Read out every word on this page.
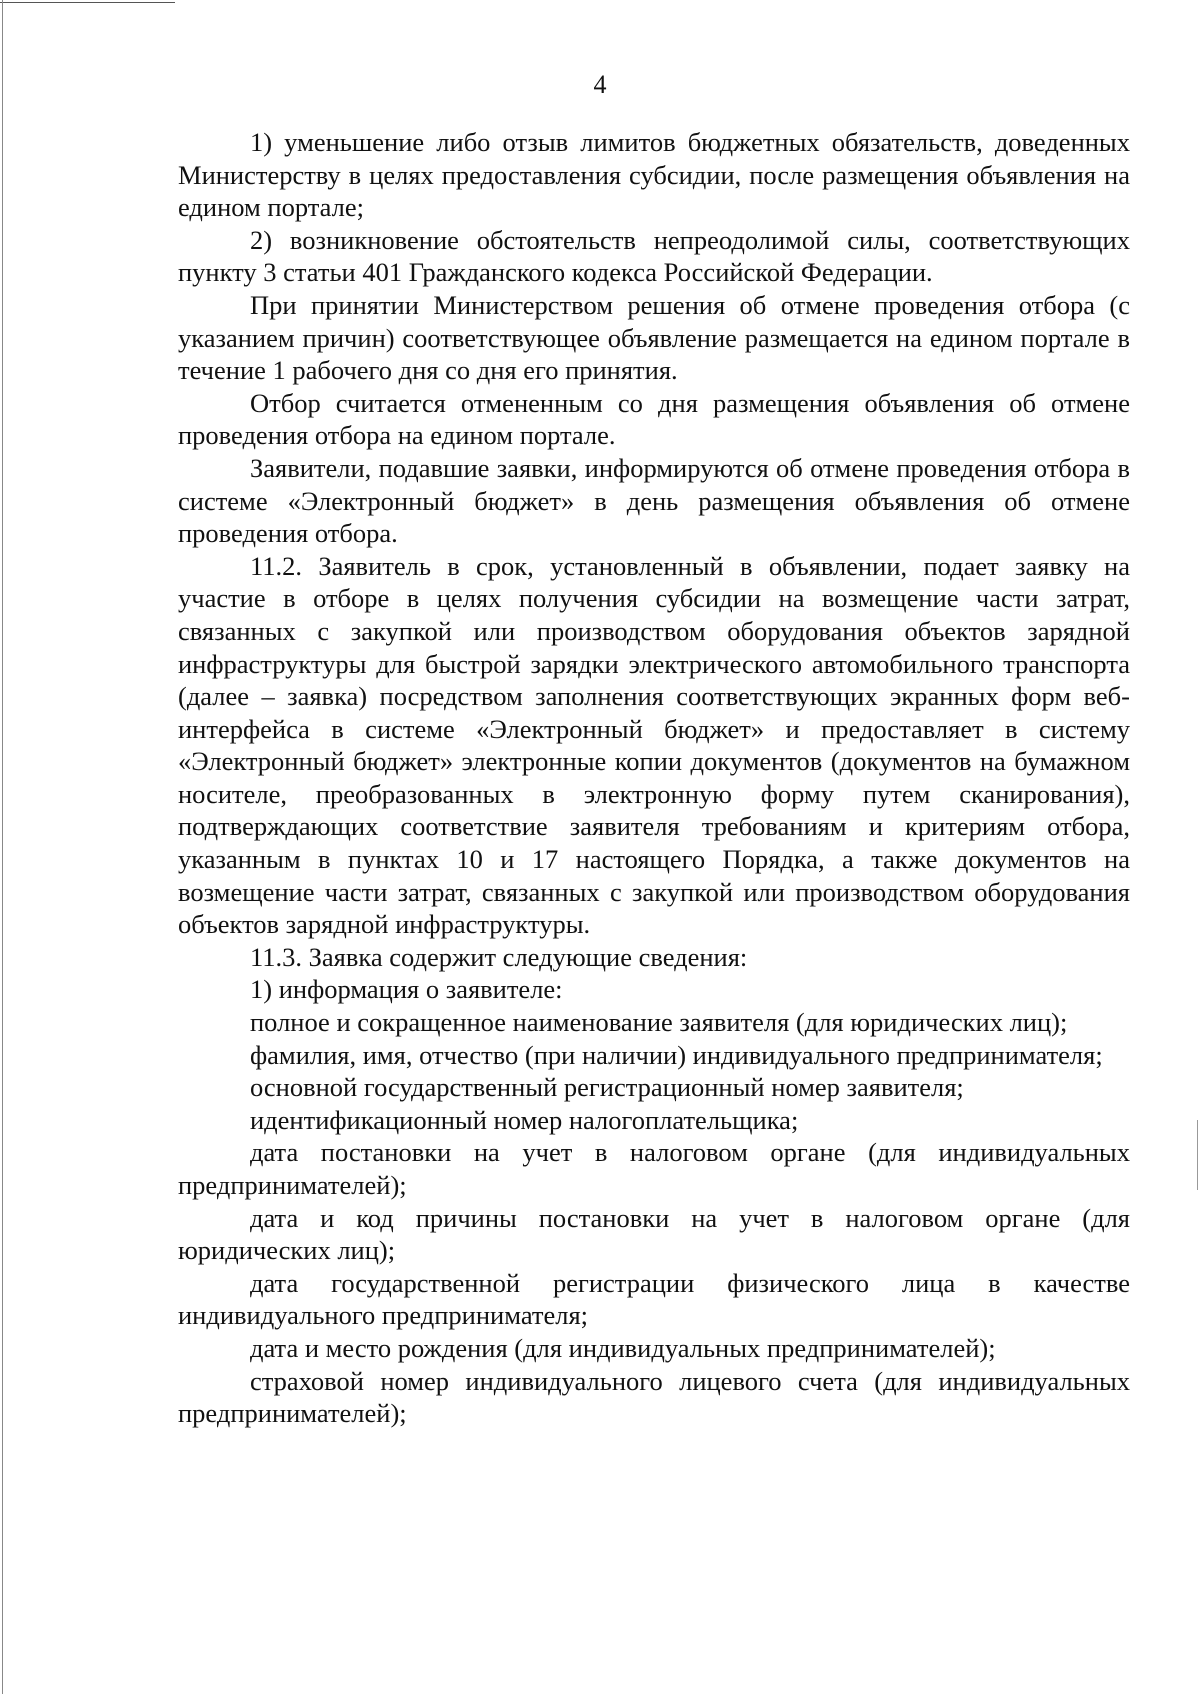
4

1) уменьшение либо отзыв лимитов бюджетных обязательств, доведенных Министерству в целях предоставления субсидии, после размещения объявления на едином портале;

2) возникновение обстоятельств непреодолимой силы, соответствующих пункту 3 статьи 401 Гражданского кодекса Российской Федерации.

При принятии Министерством решения об отмене проведения отбора (с указанием причин) соответствующее объявление размещается на едином портале в течение 1 рабочего дня со дня его принятия.

Отбор считается отмененным со дня размещения объявления об отмене проведения отбора на едином портале.

Заявители, подавшие заявки, информируются об отмене проведения отбора в системе «Электронный бюджет» в день размещения объявления об отмене проведения отбора.

11.2. Заявитель в срок, установленный в объявлении, подает заявку на участие в отборе в целях получения субсидии на возмещение части затрат, связанных с закупкой или производством оборудования объектов зарядной инфраструктуры для быстрой зарядки электрического автомобильного транспорта (далее – заявка) посредством заполнения соответствующих экранных форм веб-интерфейса в системе «Электронный бюджет» и предоставляет в систему «Электронный бюджет» электронные копии документов (документов на бумажном носителе, преобразованных в электронную форму путем сканирования), подтверждающих соответствие заявителя требованиям и критериям отбора, указанным в пунктах 10 и 17 настоящего Порядка, а также документов на возмещение части затрат, связанных с закупкой или производством оборудования объектов зарядной инфраструктуры.

11.3. Заявка содержит следующие сведения:

1) информация о заявителе:

полное и сокращенное наименование заявителя (для юридических лиц);

фамилия, имя, отчество (при наличии) индивидуального предпринимателя;

основной государственный регистрационный номер заявителя;

идентификационный номер налогоплательщика;

дата постановки на учет в налоговом органе (для индивидуальных предпринимателей);

дата и код причины постановки на учет в налоговом органе (для юридических лиц);

дата государственной регистрации физического лица в качестве индивидуального предпринимателя;

дата и место рождения (для индивидуальных предпринимателей);

страховой номер индивидуального лицевого счета (для индивидуальных предпринимателей);
